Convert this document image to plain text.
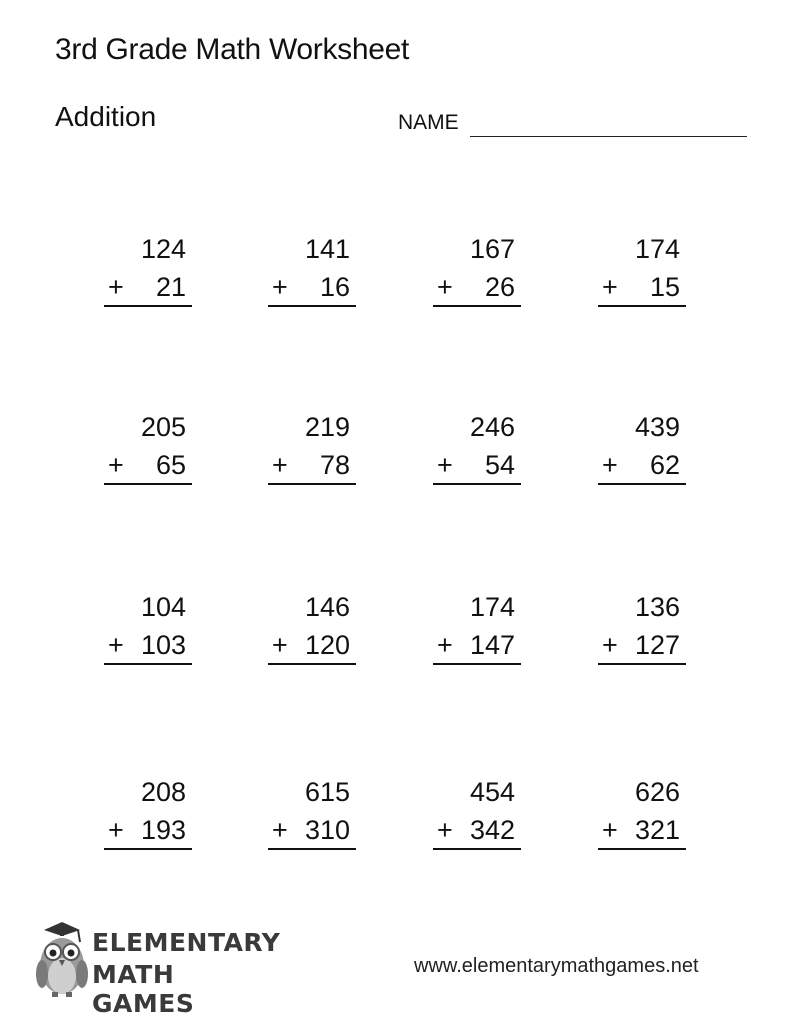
3rd Grade Math Worksheet
Addition	NAME
124
+ 21
141
+ 16
167
+ 26
174
+ 15
205
+ 65
219
+ 78
246
+ 54
439
+ 62
104
+ 103
146
+ 120
174
+ 147
136
+ 127
208
+ 193
615
+ 310
454
+ 342
626
+ 321
ELEMENTARY
MATH GAMES
www.elementarymathgames.net
